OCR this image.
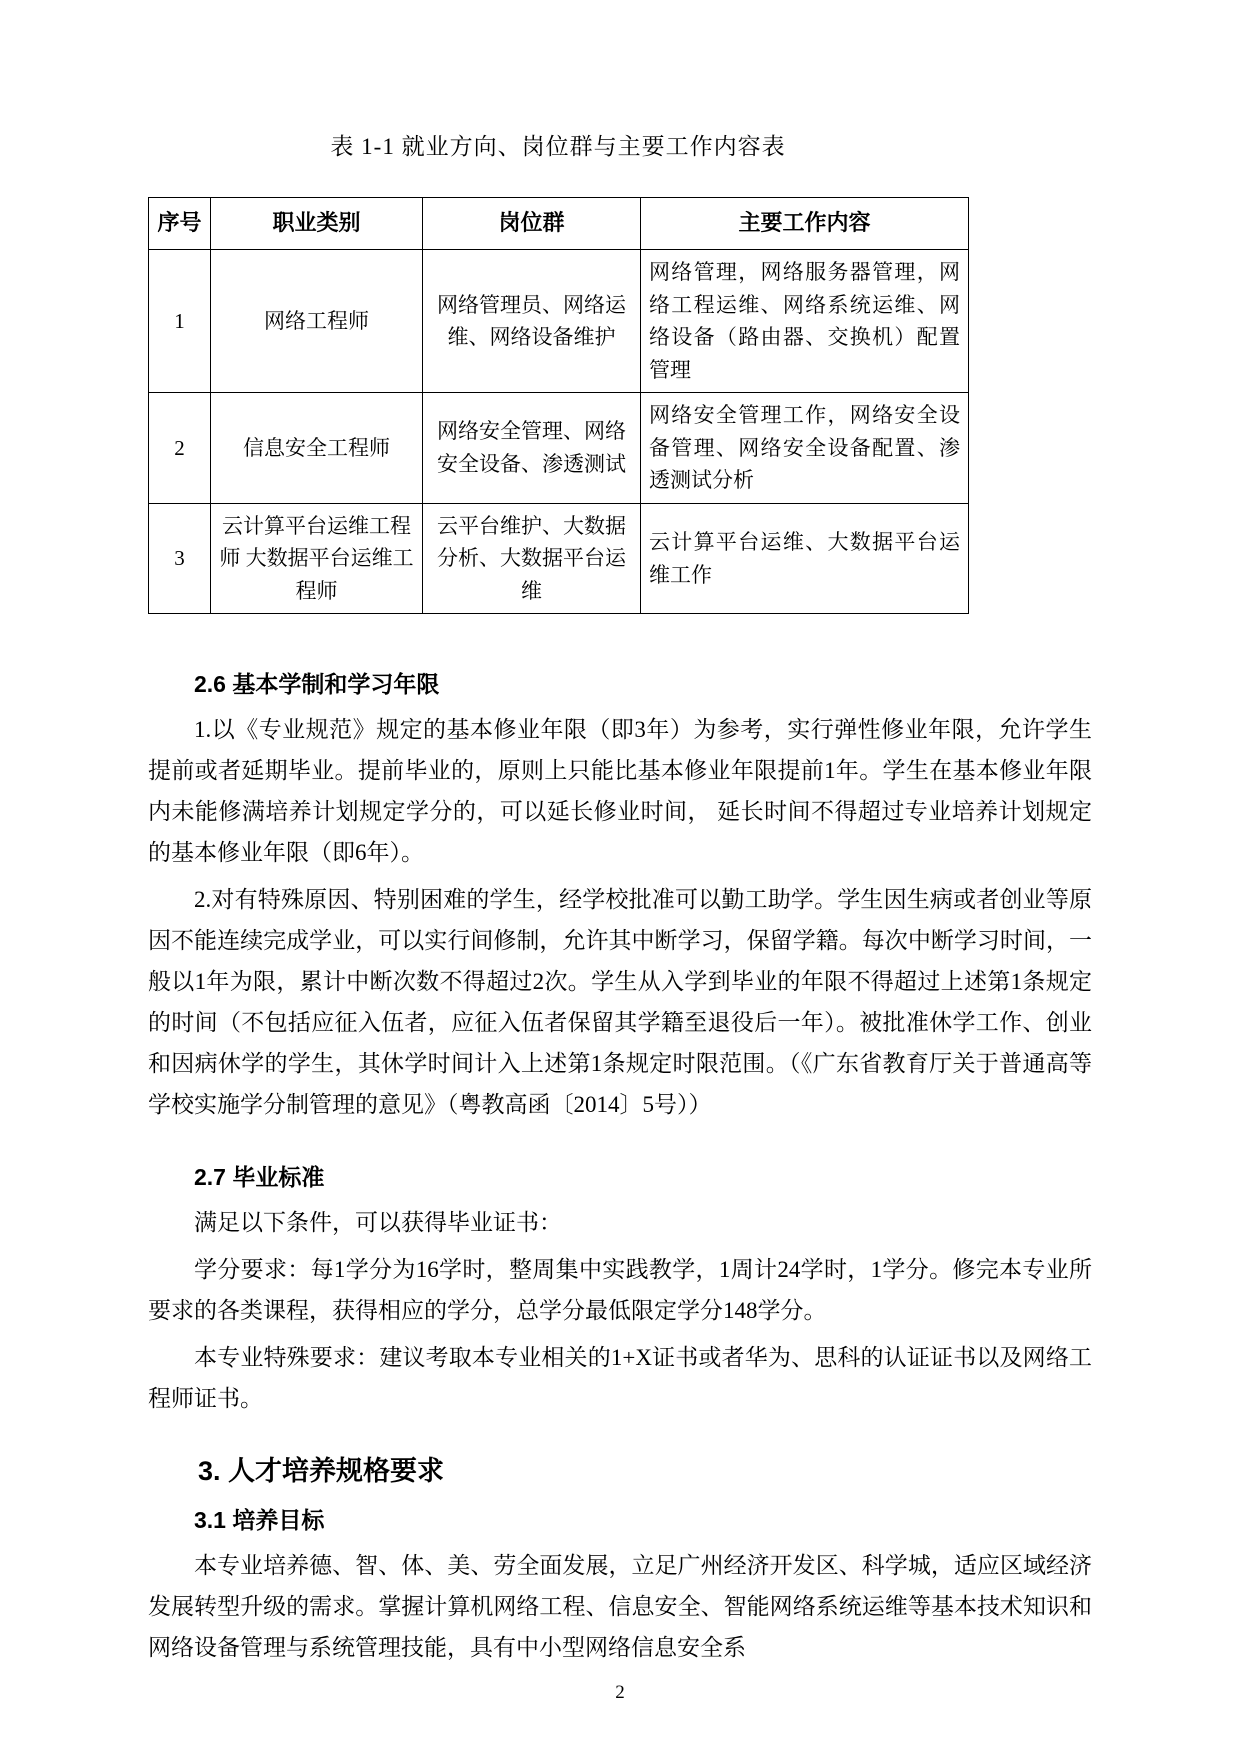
表 1-1 就业方向、岗位群与主要工作内容表
序号	职业类别	岗位群	主要工作内容
1	网络工程师	网络管理员、网络运维、网络设备维护	网络管理，网络服务器管理，网络工程运维、网络系统运维、网络设备（路由器、交换机）配置管理
2	信息安全工程师	网络安全管理、网络安全设备、渗透测试	网络安全管理工作，网络安全设备管理、网络安全设备配置、渗透测试分析
3	云计算平台运维工程师 大数据平台运维工程师	云平台维护、大数据分析、大数据平台运维	云计算平台运维、大数据平台运维工作
2.6 基本学制和学习年限

1.以《专业规范》规定的基本修业年限（即3年）为参考，实行弹性修业年限，允许学生提前或者延期毕业。提前毕业的，原则上只能比基本修业年限提前1年。学生在基本修业年限内未能修满培养计划规定学分的，可以延长修业时间， 延长时间不得超过专业培养计划规定的基本修业年限（即6年）。

2.对有特殊原因、特别困难的学生，经学校批准可以勤工助学。学生因生病或者创业等原因不能连续完成学业，可以实行间修制，允许其中断学习，保留学籍。每次中断学习时间，一般以1年为限，累计中断次数不得超过2次。学生从入学到毕业的年限不得超过上述第1条规定的时间（不包括应征入伍者，应征入伍者保留其学籍至退役后一年）。被批准休学工作、创业和因病休学的学生，其休学时间计入上述第1条规定时限范围。（《广东省教育厅关于普通高等学校实施学分制管理的意见》（粤教高函〔2014〕5号））

2.7 毕业标准

满足以下条件，可以获得毕业证书：

学分要求：每1学分为16学时，整周集中实践教学，1周计24学时，1学分。修完本专业所要求的各类课程，获得相应的学分，总学分最低限定学分148学分。

本专业特殊要求：建议考取本专业相关的1+X证书或者华为、思科的认证证书以及网络工程师证书。

3. 人才培养规格要求
3.1 培养目标

本专业培养德、智、体、美、劳全面发展，立足广州经济开发区、科学城，适应区域经济发展转型升级的需求。掌握计算机网络工程、信息安全、智能网络系统运维等基本技术知识和网络设备管理与系统管理技能，具有中小型网络信息安全系

2
